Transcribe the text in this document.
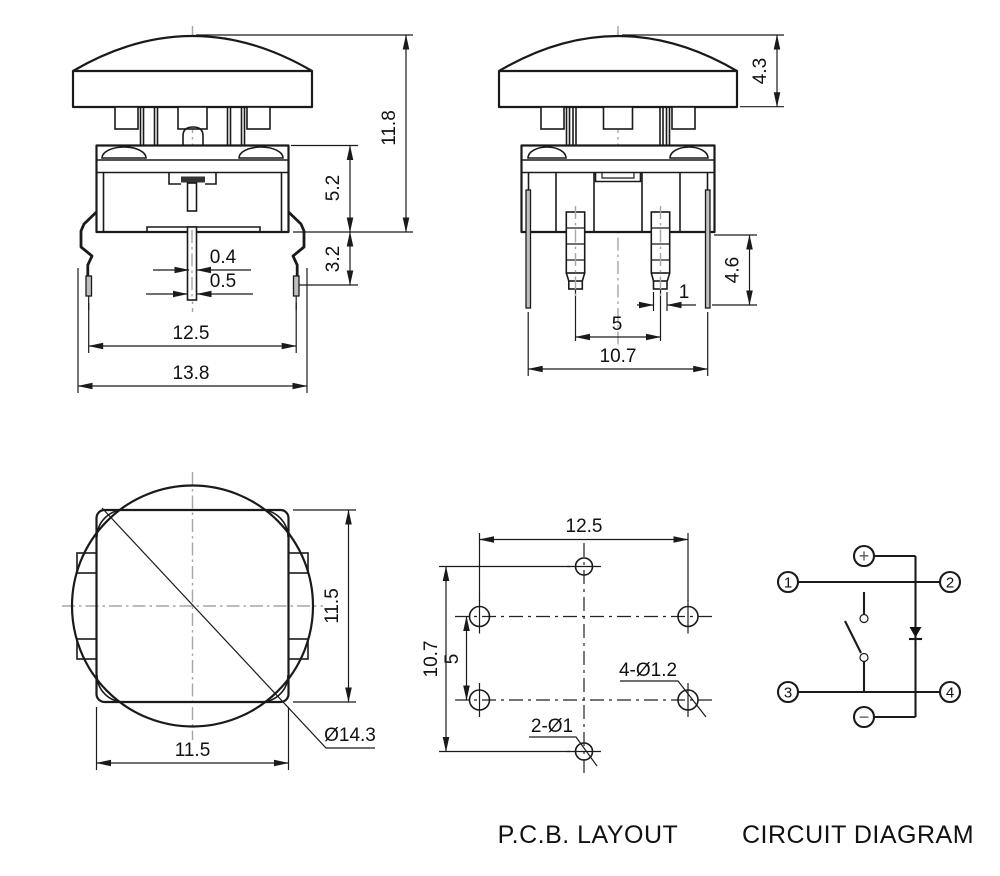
11.8
5.2
3.2
0.4
0.5
12.5
13.8
4.3
4.6
1
5
10.7
Ø14.3
11.5
11.5
12.5
10.7 5
4-Ø1.2
2-Ø1
P.C.B. LAYOUT
1	2
3	4
+
−
CIRCUIT DIAGRAM
